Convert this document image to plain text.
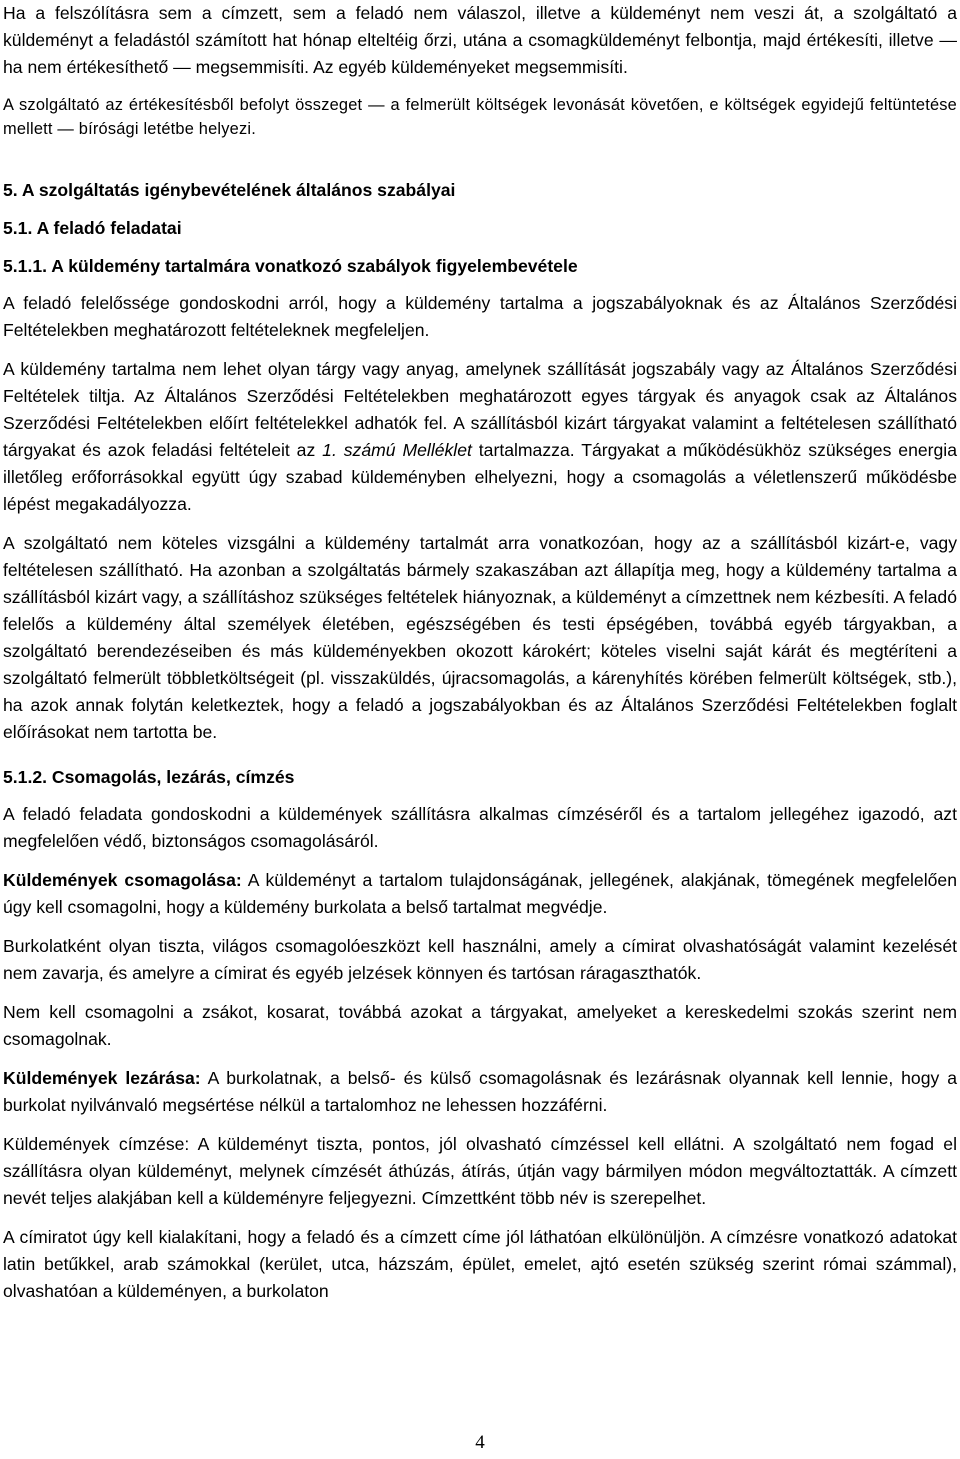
Ha a felszólításra sem a címzett, sem a feladó nem válaszol, illetve a küldeményt nem veszi át, a szolgáltató a küldeményt a feladástól számított hat hónap elteltéig őrzi, utána a csomagküldeményt felbontja, majd értékesíti, illetve — ha nem értékesíthető — megsemmisíti. Az egyéb küldeményeket megsemmisíti.

A szolgáltató az értékesítésből befolyt összeget — a felmerült költségek levonását követően, e költségek egyidejű feltüntetése mellett — bírósági letétbe helyezi.

5. A szolgáltatás igénybevételének általános szabályai
5.1. A feladó feladatai
5.1.1. A küldemény tartalmára vonatkozó szabályok figyelembevétele

A feladó felelőssége gondoskodni arról, hogy a küldemény tartalma a jogszabályoknak és az Általános Szerződési Feltételekben meghatározott feltételeknek megfeleljen.

A küldemény tartalma nem lehet olyan tárgy vagy anyag, amelynek szállítását jogszabály vagy az Általános Szerződési Feltételek tiltja. Az Általános Szerződési Feltételekben meghatározott egyes tárgyak és anyagok csak az Általános Szerződési Feltételekben előírt feltételekkel adhatók fel. A szállításból kizárt tárgyakat valamint a feltételesen szállítható tárgyakat és azok feladási feltételeit az 1. számú Melléklet tartalmazza. Tárgyakat a működésükhöz szükséges energia illetőleg erőforrásokkal együtt úgy szabad küldeményben elhelyezni, hogy a csomagolás a véletlenszerű működésbe lépést megakadályozza.

A szolgáltató nem köteles vizsgálni a küldemény tartalmát arra vonatkozóan, hogy az a szállításból kizárt-e, vagy feltételesen szállítható. Ha azonban a szolgáltatás bármely szakaszában azt állapítja meg, hogy a küldemény tartalma a szállításból kizárt vagy, a szállításhoz szükséges feltételek hiányoznak, a küldeményt a címzettnek nem kézbesíti. A feladó felelős a küldemény által személyek életében, egészségében és testi épségében, továbbá egyéb tárgyakban, a szolgáltató berendezéseiben és más küldeményekben okozott károkért; köteles viselni saját kárát és megtéríteni a szolgáltató felmerült többletköltségeit (pl. visszaküldés, újracsomagolás, a kárenyhítés körében felmerült költségek, stb.), ha azok annak folytán keletkeztek, hogy a feladó a jogszabályokban és az Általános Szerződési Feltételekben foglalt előírásokat nem tartotta be.

5.1.2. Csomagolás, lezárás, címzés

A feladó feladata gondoskodni a küldemények szállításra alkalmas címzéséről és a tartalom jellegéhez igazodó, azt megfelelően védő, biztonságos csomagolásáról.

Küldemények csomagolása: A küldeményt a tartalom tulajdonságának, jellegének, alakjának, tömegének megfelelően úgy kell csomagolni, hogy a küldemény burkolata a belső tartalmat megvédje.

Burkolatként olyan tiszta, világos csomagolóeszközt kell használni, amely a címirat olvashatóságát valamint kezelését nem zavarja, és amelyre a címirat és egyéb jelzések könnyen és tartósan ráragaszthatók.

Nem kell csomagolni a zsákot, kosarat, továbbá azokat a tárgyakat, amelyeket a kereskedelmi szokás szerint nem csomagolnak.

Küldemények lezárása: A burkolatnak, a belső- és külső csomagolásnak és lezárásnak olyannak kell lennie, hogy a burkolat nyilvánvaló megsértése nélkül a tartalomhoz ne lehessen hozzáférni.

Küldemények címzése: A küldeményt tiszta, pontos, jól olvasható címzéssel kell ellátni. A szolgáltató nem fogad el szállításra olyan küldeményt, melynek címzését áthúzás, átírás, útján vagy bármilyen módon megváltoztatták. A címzett nevét teljes alakjában kell a küldeményre feljegyezni. Címzettként több név is szerepelhet.

A címiratot úgy kell kialakítani, hogy a feladó és a címzett címe jól láthatóan elkülönüljön. A címzésre vonatkozó adatokat latin betűkkel, arab számokkal (kerület, utca, házszám, épület, emelet, ajtó esetén szükség szerint római számmal), olvashatóan a küldeményen, a burkolaton

4
